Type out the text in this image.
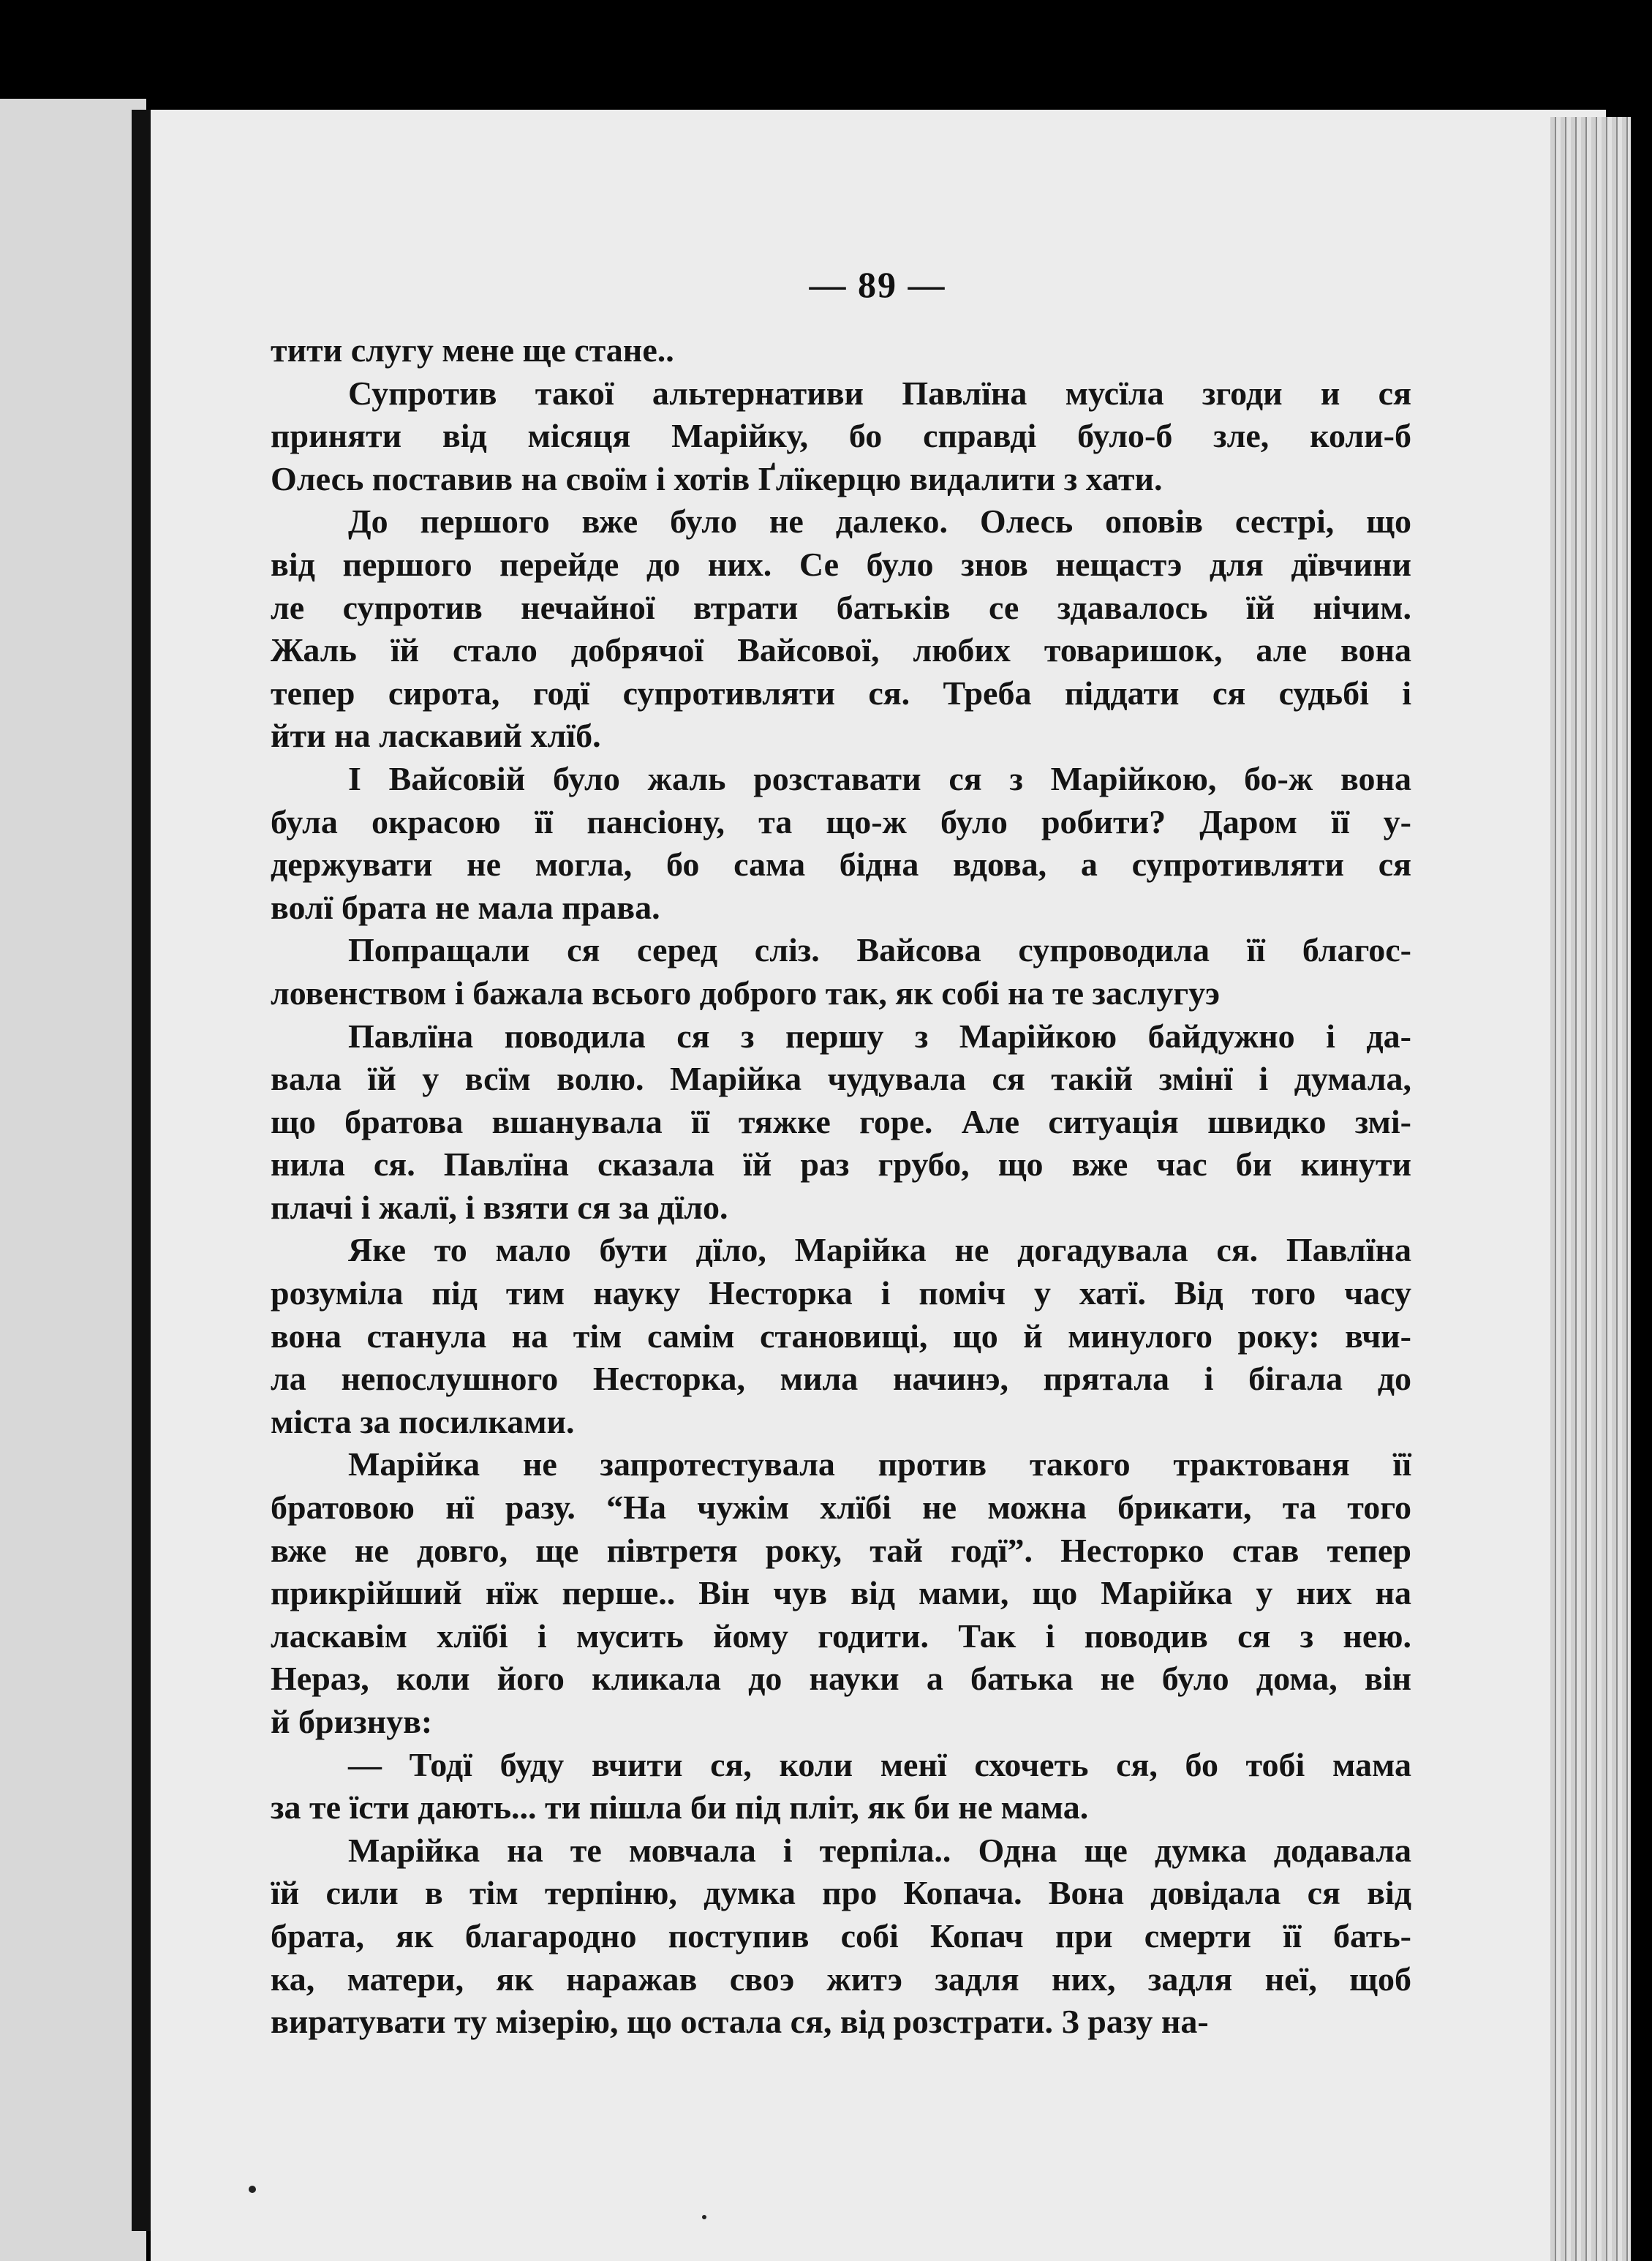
— 89 —

тити слугу мене ще стане..

Супротив такої альтернативи Павлїна мусїла згоди и ся
приняти від місяця Марійку, бо справді було-б зле, коли-б
Олесь поставив на своїм і хотів Ґлїкерцю видалити з хати.

До першого вже було не далеко. Олесь оповів сестрі, що
від першого перейде до них. Се було знов нещастэ для дївчини
ле супротив нечайної втрати батьків се здавалось їй нічим.
Жаль їй стало добрячої Вайсової, любих товаришок, але вона
тепер сирота, годї супротивляти ся. Треба піддати ся судьбі і
йти на ласкавий хлїб.

І Вайсовій було жаль розставати ся з Марійкою, бо-ж вона
була окрасою її пансіону, та що-ж було робити? Даром її у-
держувати не могла, бо сама бідна вдова, а супротивляти ся
волї брата не мала права.

Попращали ся серед сліз. Вайсова супроводила її благос-
ловенством і бажала всього доброго так, як собі на те заслугуэ

Павлїна поводила ся з першу з Марійкою байдужно і да-
вала їй у всїм волю. Марійка чудувала ся такій змінї і думала,
що братова вшанувала її тяжке горе. Але ситуація швидко змі-
нила ся. Павлїна сказала їй раз грубо, що вже час би кинути
плачі і жалї, і взяти ся за дїло.

Яке то мало бути дїло, Марійка не догадувала ся. Павлїна
розуміла під тим науку Несторка і поміч у хатї. Від того часу
вона станула на тім самім становищі, що й минулого року: вчи-
ла непослушного Несторка, мила начинэ, прятала і бігала до
міста за посилками.

Марійка не запротестувала против такого трактованя її
братовою нї разу. “На чужім хлїбі не можна брикати, та того
вже не довго, ще півтретя року, тай годї”. Несторко став тепер
прикрійший нїж перше.. Він чув від мами, що Марійка у них на
ласкавім хлїбі і мусить йому годити. Так і поводив ся з нею.
Нераз, коли його кликала до науки а батька не було дома, він
й бризнув:

— Тодї буду вчити ся, коли менї схочеть ся, бо тобі мама
за те їсти дають... ти пішла би під пліт, як би не мама.

Марійка на те мовчала і терпіла.. Одна ще думка додавала
їй сили в тім терпіню, думка про Копача. Вона довідала ся від
брата, як благародно поступив собі Копач при смерти її бать-
ка, матери, як наражав своэ житэ задля них, задля неї, щоб
виратувати ту мізерію, що остала ся, від розстрати. З разу на-
